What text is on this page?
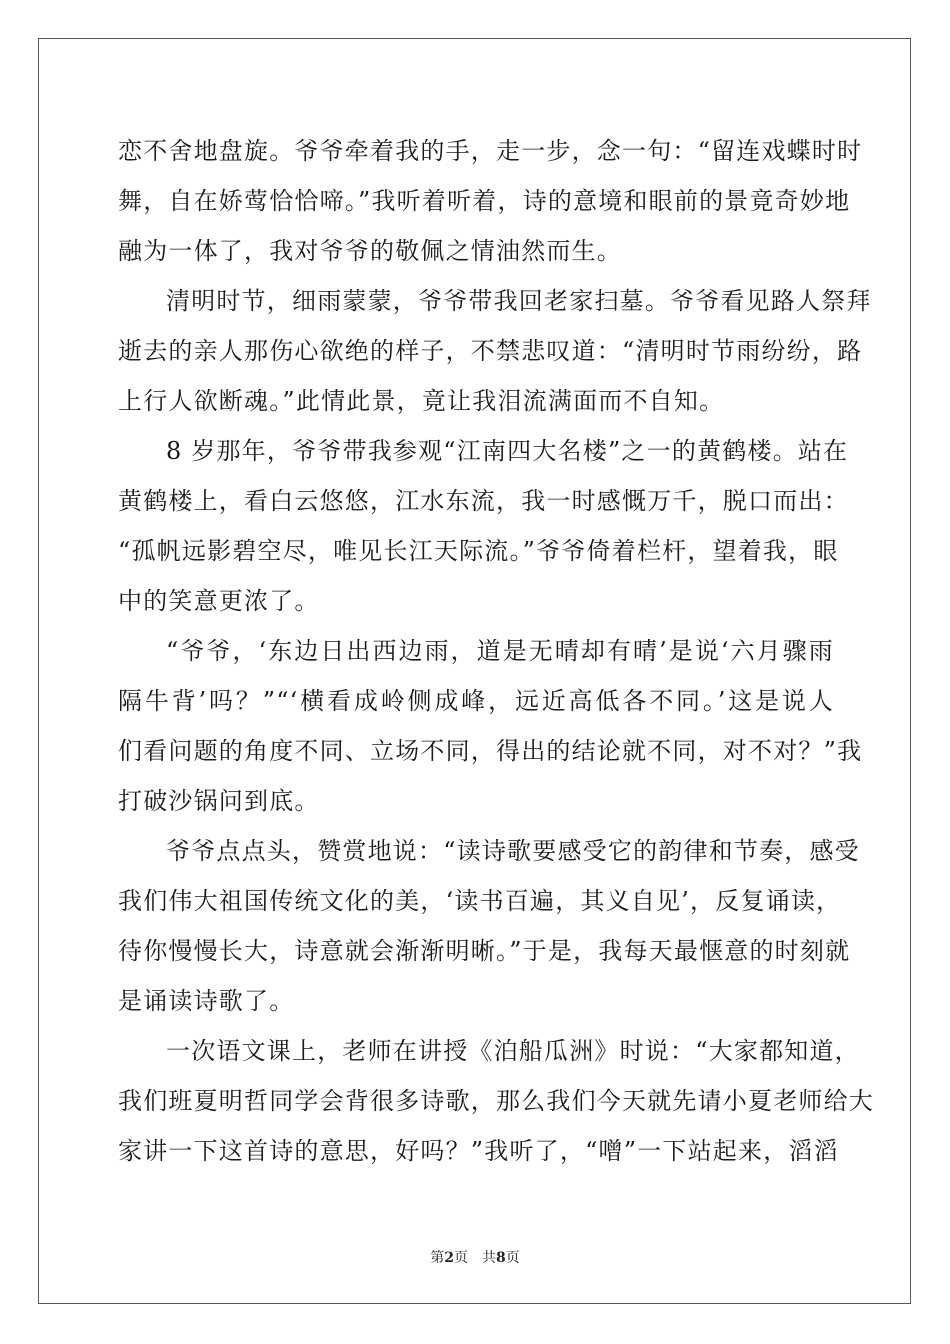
恋不舍地盘旋。爷爷牵着我的手，走一步，念一句：“留连戏蝶时时
舞，自在娇莺恰恰啼。”我听着听着，诗的意境和眼前的景竟奇妙地
融为一体了，我对爷爷的敬佩之情油然而生。
清明时节，细雨蒙蒙，爷爷带我回老家扫墓。爷爷看见路人祭拜
逝去的亲人那伤心欲绝的样子，不禁悲叹道：“清明时节雨纷纷，路
上行人欲断魂。”此情此景，竟让我泪流满面而不自知。
8 岁那年，爷爷带我参观“江南四大名楼”之一的黄鹤楼。站在
黄鹤楼上，看白云悠悠，江水东流，我一时感慨万千，脱口而出：
“孤帆远影碧空尽，唯见长江天际流。”爷爷倚着栏杆，望着我，眼
中的笑意更浓了。
“爷爷，‘东边日出西边雨，道是无晴却有晴’是说‘六月骤雨
隔牛背’吗？”“‘横看成岭侧成峰，远近高低各不同。’这是说人
们看问题的角度不同、立场不同，得出的结论就不同，对不对？”我
打破沙锅问到底。
爷爷点点头，赞赏地说：“读诗歌要感受它的韵律和节奏，感受
我们伟大祖国传统文化的美，‘读书百遍，其义自见’，反复诵读，
待你慢慢长大，诗意就会渐渐明晰。”于是，我每天最惬意的时刻就
是诵读诗歌了。
一次语文课上，老师在讲授《泊船瓜洲》时说：“大家都知道，
我们班夏明哲同学会背很多诗歌，那么我们今天就先请小夏老师给大
家讲一下这首诗的意思，好吗？”我听了，“噌”一下站起来，滔滔
第2页 共8页
